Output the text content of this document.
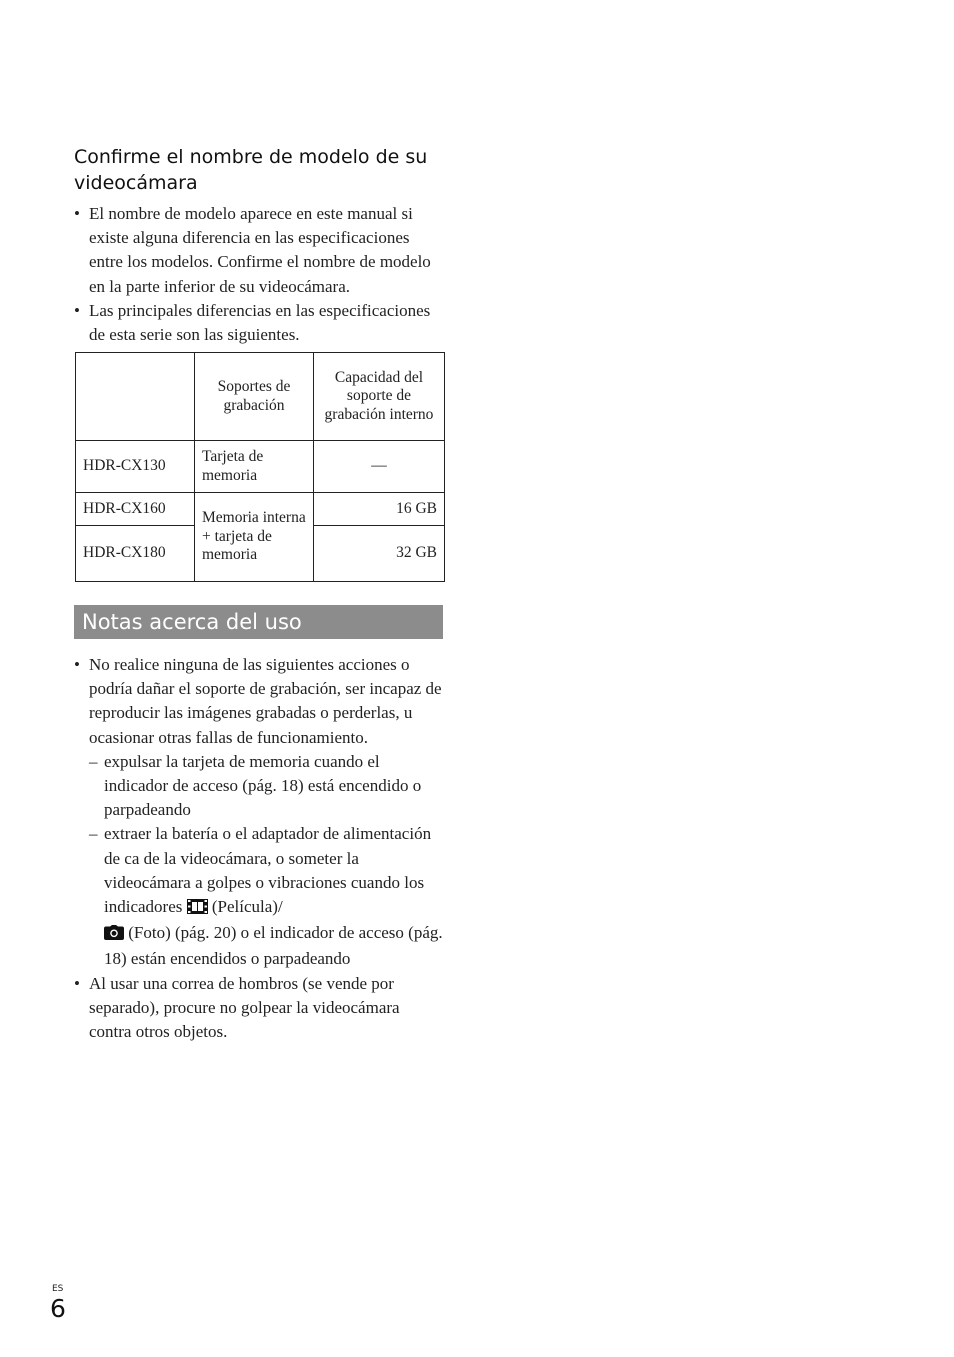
Confirme el nombre de modelo de su videocámara
• El nombre de modelo aparece en este manual si existe alguna diferencia en las especificaciones entre los modelos. Confirme el nombre de modelo en la parte inferior de su videocámara.
• Las principales diferencias en las especificaciones de esta serie son las siguientes.
	Soportes de grabación	Capacidad del soporte de grabación interno
HDR-CX130	Tarjeta de memoria	—
HDR-CX160	Memoria interna + tarjeta de memoria	16 GB
HDR-CX180		32 GB
Notas acerca del uso
• No realice ninguna de las siguientes acciones o podría dañar el soporte de grabación, ser incapaz de reproducir las imágenes grabadas o perderlas, u ocasionar otras fallas de funcionamiento.
– expulsar la tarjeta de memoria cuando el indicador de acceso (pág. 18) está encendido o parpadeando
– extraer la batería o el adaptador de alimentación de ca de la videocámara, o someter la videocámara a golpes o vibraciones cuando los indicadores (Película)/
(Foto) (pág. 20) o el indicador de acceso (pág. 18) están encendidos o parpadeando
• Al usar una correa de hombros (se vende por separado), procure no golpear la videocámara contra otros objetos.
ES
6
